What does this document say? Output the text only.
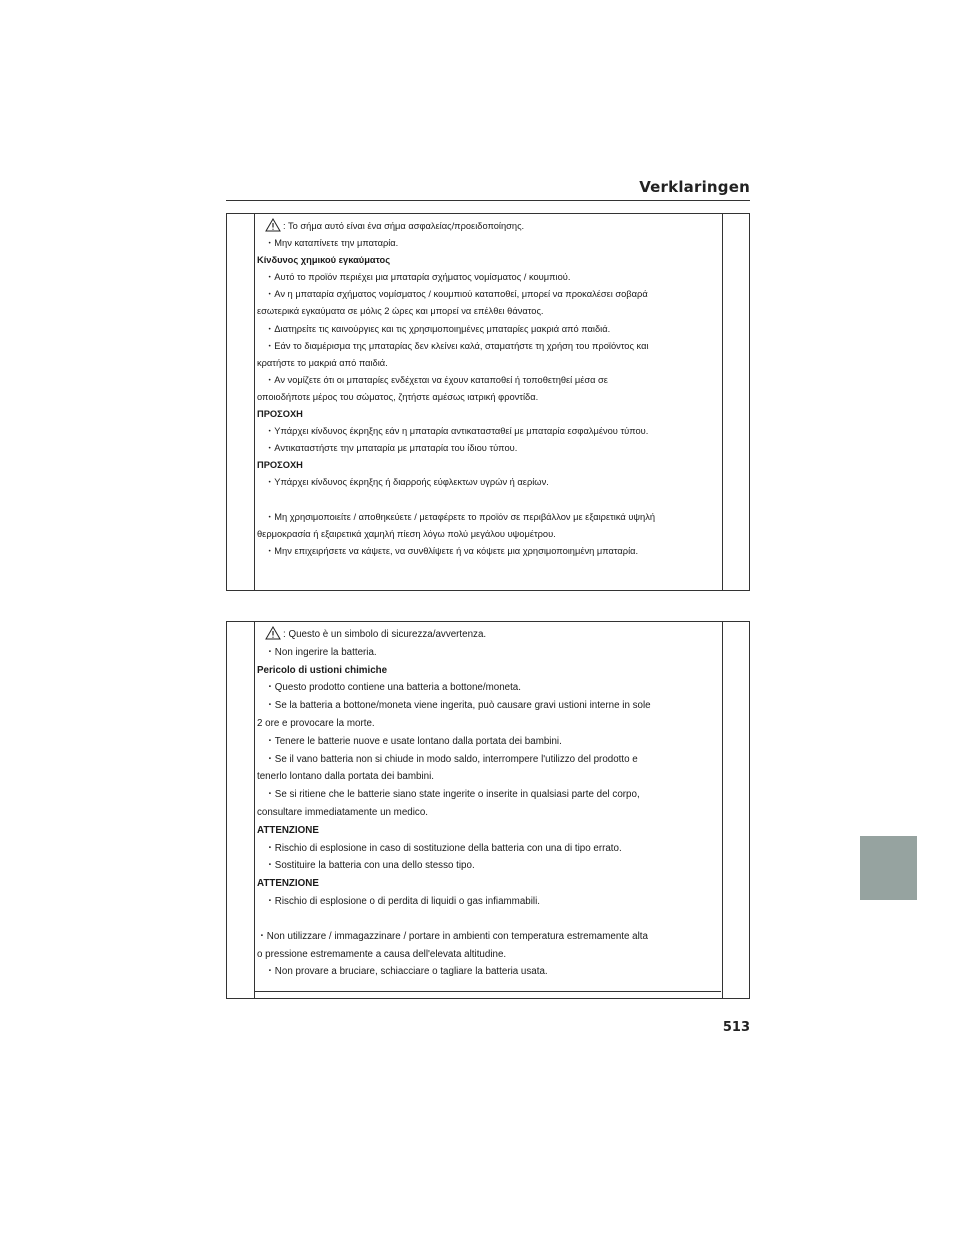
Verklaringen
: Το σήμα αυτό είναι ένα σήμα ασφαλείας/προειδοποίησης.
・Μην καταπίνετε την μπαταρία.
Κίνδυνος χημικού εγκαύματος
・Αυτό το προϊόν περιέχει μια μπαταρία σχήματος νομίσματος / κουμπιού.
・Αν η μπαταρία σχήματος νομίσματος / κουμπιού καταποθεί, μπορεί να προκαλέσει σοβαρά
εσωτερικά εγκαύματα σε μόλις 2 ώρες και μπορεί να επέλθει θάνατος.
・Διατηρείτε τις καινούργιες και τις χρησιμοποιημένες μπαταρίες μακριά από παιδιά.
・Εάν το διαμέρισμα της μπαταρίας δεν κλείνει καλά, σταματήστε τη χρήση του προϊόντος και
κρατήστε το μακριά από παιδιά.
・Αν νομίζετε ότι οι μπαταρίες ενδέχεται να έχουν καταποθεί ή τοποθετηθεί μέσα σε
οποιοδήποτε μέρος του σώματος, ζητήστε αμέσως ιατρική φροντίδα.
ΠΡΟΣΟΧΗ
・Υπάρχει κίνδυνος έκρηξης εάν η μπαταρία αντικατασταθεί με μπαταρία εσφαλμένου τύπου.
・Αντικαταστήστε την μπαταρία με μπαταρία του ίδιου τύπου.
ΠΡΟΣΟΧΗ
・Υπάρχει κίνδυνος έκρηξης ή διαρροής εύφλεκτων υγρών ή αερίων.
・Μη χρησιμοποιείτε / αποθηκεύετε / μεταφέρετε το προϊόν σε περιβάλλον με εξαιρετικά υψηλή
θερμοκρασία ή εξαιρετικά χαμηλή πίεση λόγω πολύ μεγάλου υψομέτρου.
・Μην επιχειρήσετε να κάψετε, να συνθλίψετε ή να κόψετε μια χρησιμοποιημένη μπαταρία.
: Questo è un simbolo di sicurezza/avvertenza.
・Non ingerire la batteria.
Pericolo di ustioni chimiche
・Questo prodotto contiene una batteria a bottone/moneta.
・Se la batteria a bottone/moneta viene ingerita, può causare gravi ustioni interne in sole
2 ore e provocare la morte.
・Tenere le batterie nuove e usate lontano dalla portata dei bambini.
・Se il vano batteria non si chiude in modo saldo, interrompere l'utilizzo del prodotto e
tenerlo lontano dalla portata dei bambini.
・Se si ritiene che le batterie siano state ingerite o inserite in qualsiasi parte del corpo,
consultare immediatamente un medico.
ATTENZIONE
・Rischio di esplosione in caso di sostituzione della batteria con una di tipo errato.
・Sostituire la batteria con una dello stesso tipo.
ATTENZIONE
・Rischio di esplosione o di perdita di liquidi o gas infiammabili.
・Non utilizzare / immagazzinare / portare in ambienti con temperatura estremamente alta
o pressione estremamente a causa dell'elevata altitudine.
・Non provare a bruciare, schiacciare o tagliare la batteria usata.
513
